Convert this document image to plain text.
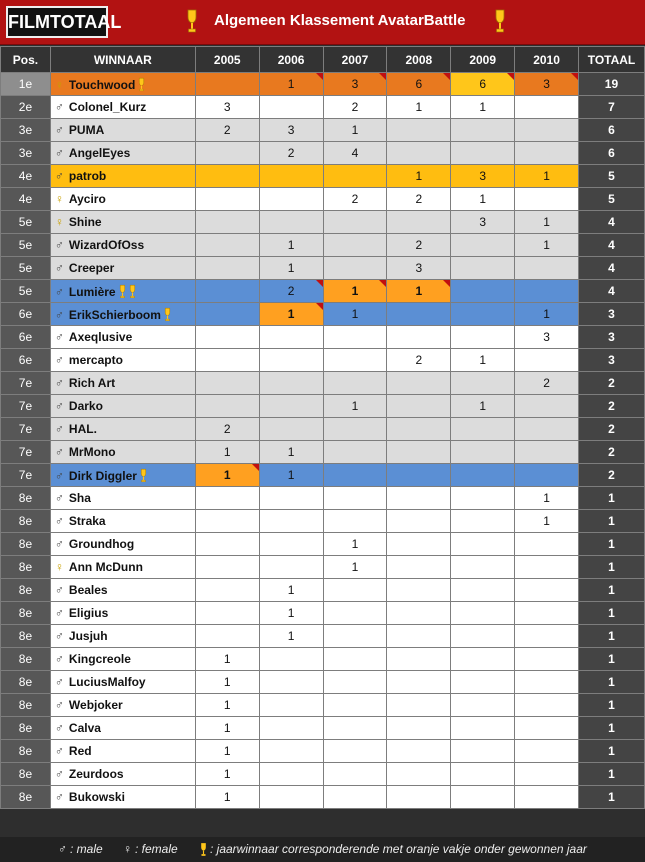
FILMTOTAAL	Algemeen Klassement AvatarBattle
Pos.	WINNAAR	2005	2006	2007	2008	2009	2010	TOTAAL
1e	♀ Touchwood		1	3	6	6	3	19
2e	♂ Colonel_Kurz	3		2	1	1		7
3e	♂ PUMA	2	3	1				6
3e	♂ AngelEyes		2	4				6
4e	♂ patrob				1	3	1	5
4e	♀ Ayciro			2	2	1		5
5e	♀ Shine					3	1	4
5e	♂ WizardOfOss		1		2		1	4
5e	♂ Creeper		1		3			4
5e	♂ Lumière		2	1	1			4
6e	♂ ErikSchierboom		1	1			1	3
6e	♂ Axeqlusive						3	3
6e	♂ mercapto				2	1		3
7e	♂ Rich Art						2	2
7e	♂ Darko			1		1		2
7e	♂ HAL.	2						2
7e	♂ MrMono	1	1					2
7e	♂ Dirk Diggler	1	1					2
8e	♂ Sha						1	1
8e	♂ Straka						1	1
8e	♂ Groundhog			1				1
8e	♀ Ann McDunn			1				1
8e	♂ Beales		1					1
8e	♂ Eligius		1					1
8e	♂ Jusjuh		1					1
8e	♂ Kingcreole	1						1
8e	♂ LuciusMalfoy	1						1
8e	♂ Webjoker	1						1
8e	♂ Calva	1						1
8e	♂ Red	1						1
8e	♂ Zeurdoos	1						1
8e	♂ Bukowski	1						1
♂ : male ♀ : female	: jaarwinnaar corresponderende met oranje vakje onder gewonnen jaar
